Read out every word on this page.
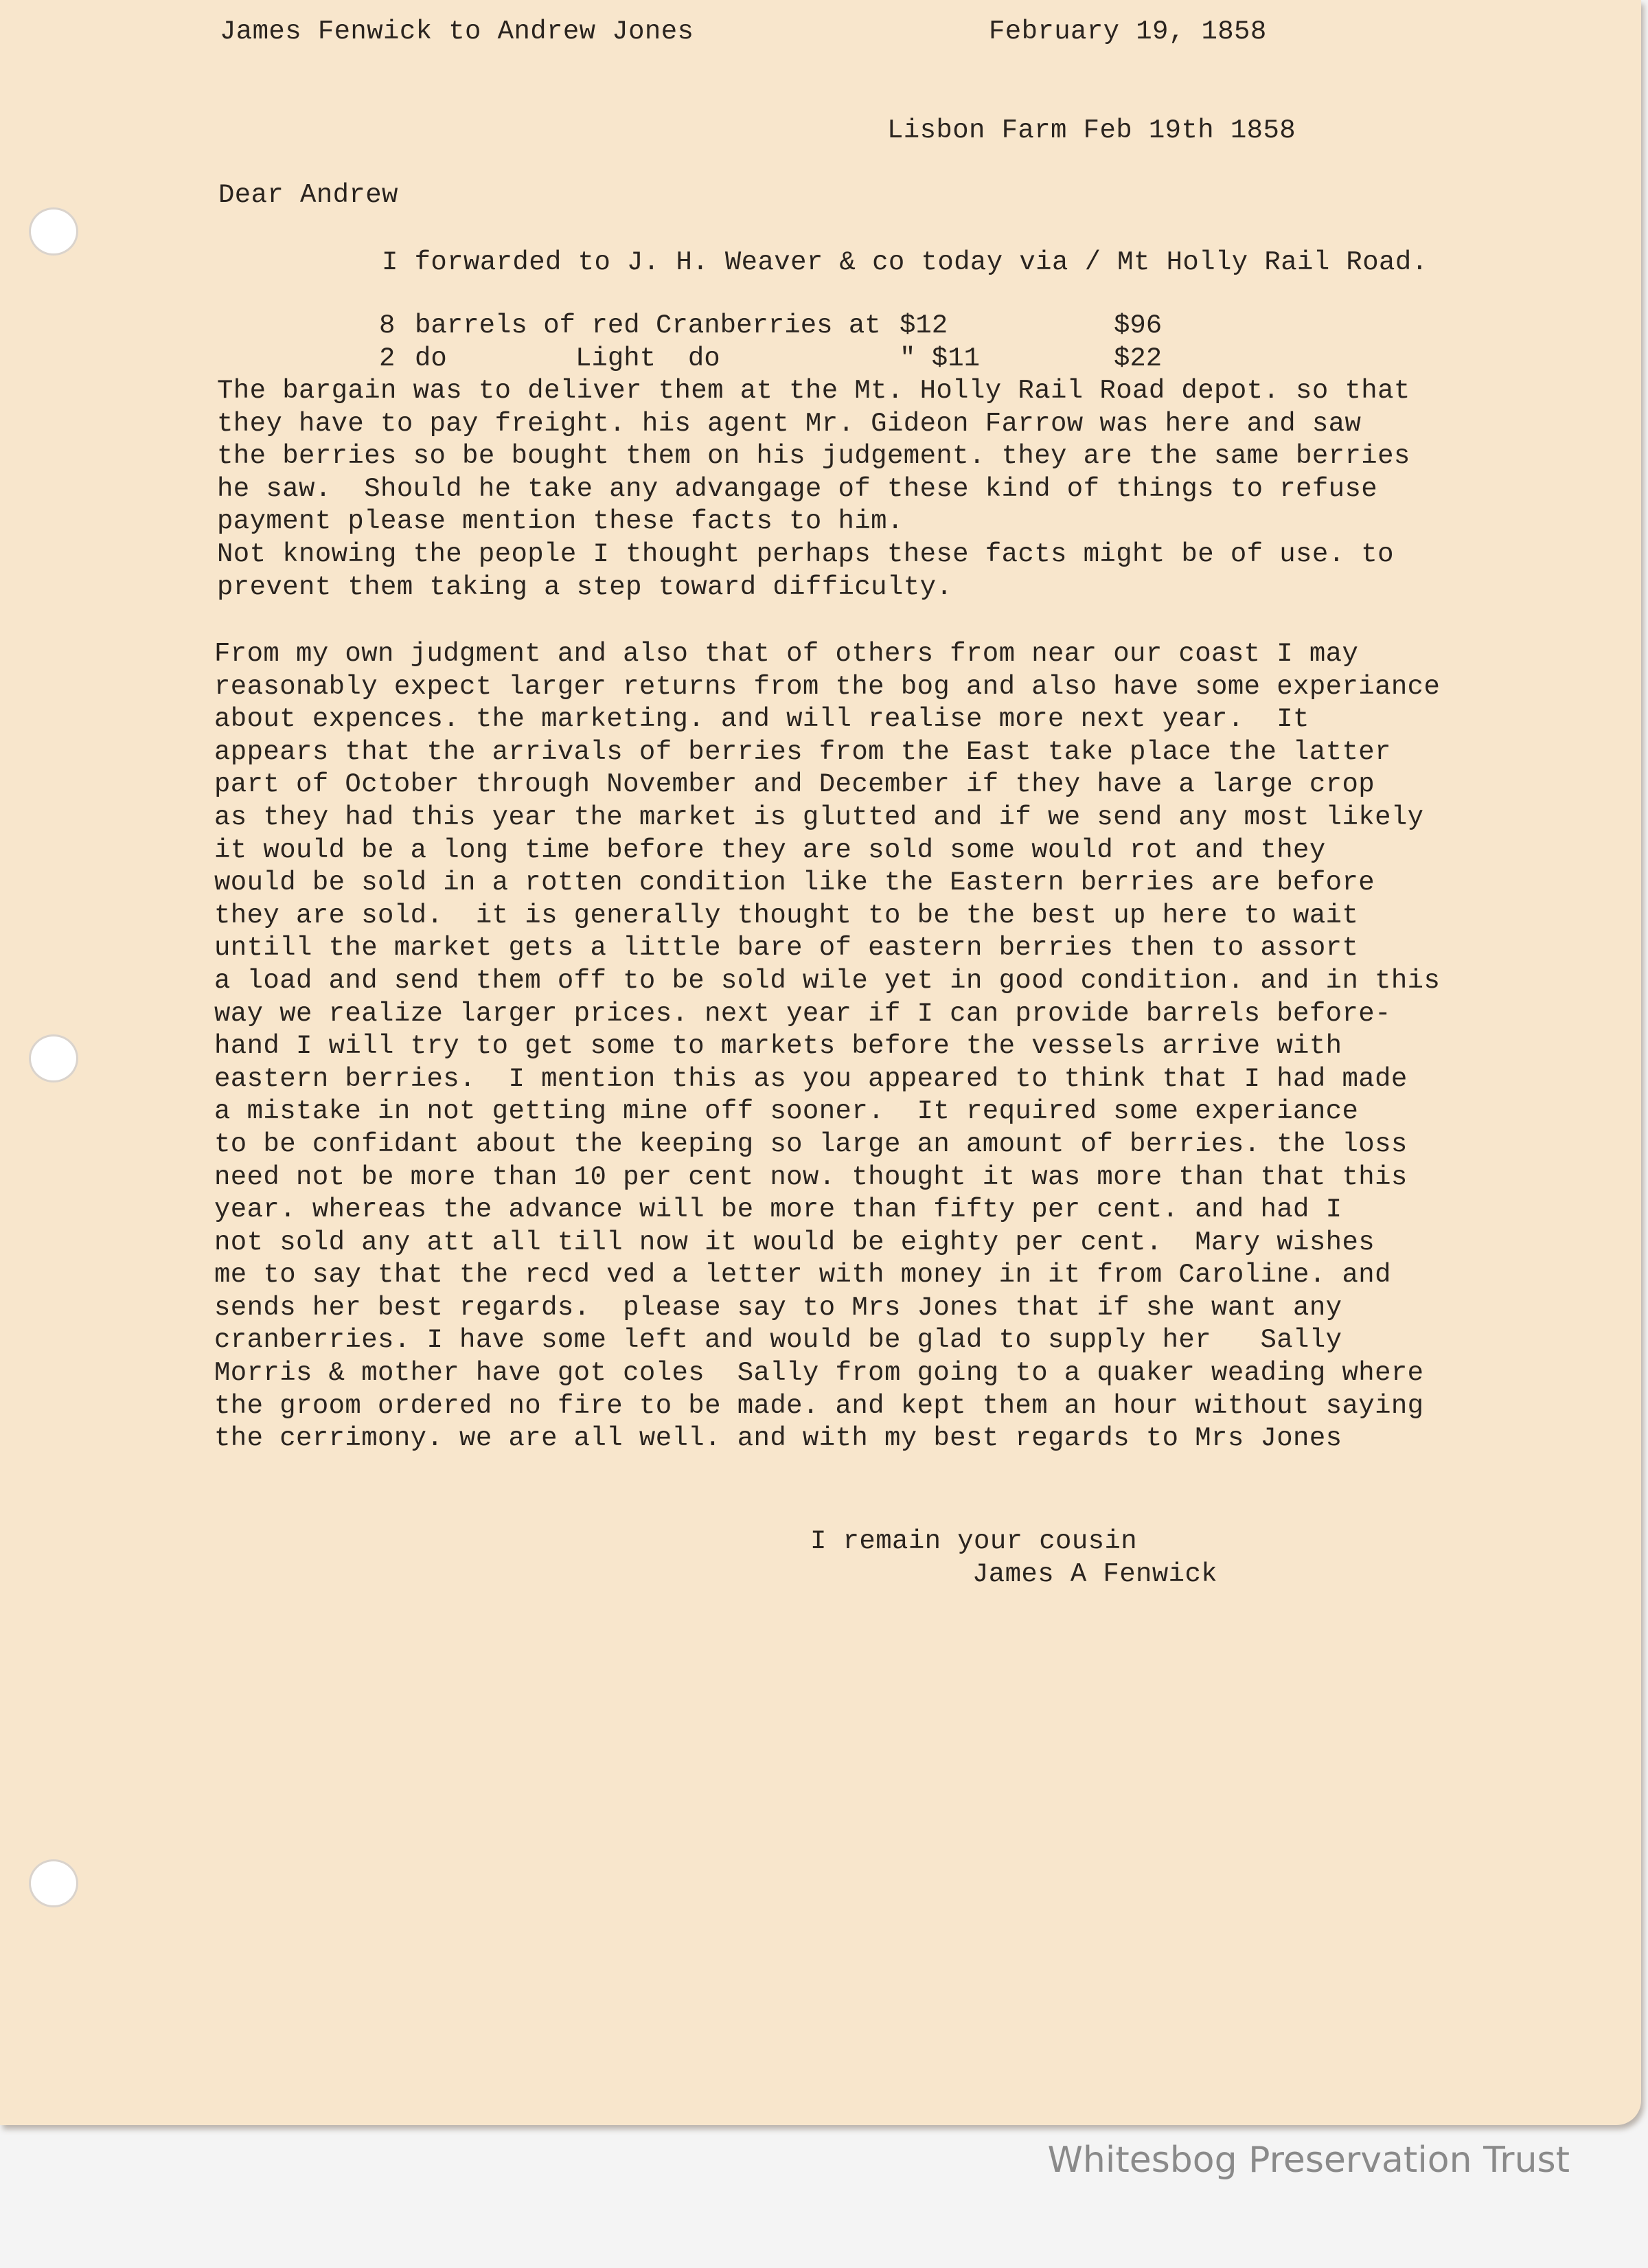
James Fenwick to Andrew Jones	February 19, 1858

Lisbon Farm Feb 19th 1858

Dear Andrew

I forwarded to J. H. Weaver & co today via / Mt Holly Rail Road.

8 barrels of red Cranberries at $12	$96
2 do        Light  do	" $11	$22

The bargain was to deliver them at the Mt. Holly Rail Road depot. so that
they have to pay freight. his agent Mr. Gideon Farrow was here and saw
the berries so be bought them on his judgement. they are the same berries
he saw.  Should he take any advangage of these kind of things to refuse
payment please mention these facts to him.
Not knowing the people I thought perhaps these facts might be of use. to
prevent them taking a step toward difficulty.

From my own judgment and also that of others from near our coast I may
reasonably expect larger returns from the bog and also have some experiance
about expences. the marketing. and will realise more next year.  It
appears that the arrivals of berries from the East take place the latter
part of October through November and December if they have a large crop
as they had this year the market is glutted and if we send any most likely
it would be a long time before they are sold some would rot and they
would be sold in a rotten condition like the Eastern berries are before
they are sold.  it is generally thought to be the best up here to wait
untill the market gets a little bare of eastern berries then to assort
a load and send them off to be sold wile yet in good condition. and in this
way we realize larger prices. next year if I can provide barrels before-
hand I will try to get some to markets before the vessels arrive with
eastern berries.  I mention this as you appeared to think that I had made
a mistake in not getting mine off sooner.  It required some experiance
to be confidant about the keeping so large an amount of berries. the loss
need not be more than 10 per cent now. thought it was more than that this
year. whereas the advance will be more than fifty per cent. and had I
not sold any att all till now it would be eighty per cent.  Mary wishes
me to say that the recd ved a letter with money in it from Caroline. and
sends her best regards.  please say to Mrs Jones that if she want any
cranberries. I have some left and would be glad to supply her   Sally
Morris & mother have got coles  Sally from going to a quaker weading where
the groom ordered no fire to be made. and kept them an hour without saying
the cerrimony. we are all well. and with my best regards to Mrs Jones

I remain your cousin

James A Fenwick

Whitesbog Preservation Trust
